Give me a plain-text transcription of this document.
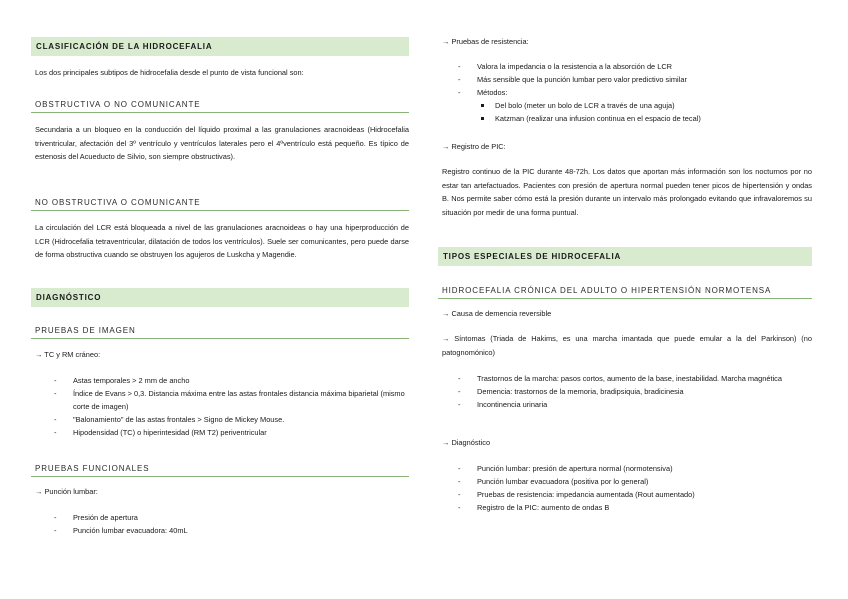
CLASIFICACIÓN DE LA HIDROCEFALIA

Los dos principales subtipos de hidrocefalia desde el punto de vista funcional son:

OBSTRUCTIVA O NO COMUNICANTE

Secundaria a un bloqueo en la conducción del líquido proximal a las granulaciones aracnoideas (Hidrocefalia triventricular, afectación del 3º ventrículo y ventrículos laterales pero el 4ºventrículo está pequeño. Es típico de estenosis del Acueducto de Silvio, son siempre obstructivas).

NO OBSTRUCTIVA O COMUNICANTE

La circulación del LCR está bloqueada a nivel de las granulaciones aracnoideas o hay una hiperproducción de LCR (Hidrocefalia tetraventricular, dilatación de todos los ventrículos). Suele ser comunicantes, pero puede darse de forma obstructiva cuando se obstruyen los agujeros de Luskcha y Magendie.

DIAGNÓSTICO
PRUEBAS DE IMAGEN
→ TC y RM cráneo:
- Astas temporales > 2 mm de ancho
- Índice de Evans > 0,3. Distancia máxima entre las astas frontales distancia máxima biparietal (mismo corte de imagen)
- "Balonamiento" de las astas frontales > Signo de Mickey Mouse.
- Hipodensidad (TC) o hiperintesidad (RM T2) periventricular
PRUEBAS FUNCIONALES
→ Punción lumbar:
- Presión de apertura
- Punción lumbar evacuadora: 40mL
→ Pruebas de resistencia:
- Valora la impedancia o la resistencia a la absorción de LCR
- Más sensible que la punción lumbar pero valor predictivo similar
- Métodos:
Del bolo (meter un bolo de LCR a través de una aguja)
Katzman (realizar una infusion continua en el espacio de tecal)
→ Registro de PIC:

Registro continuo de la PIC durante 48-72h. Los datos que aportan más información son los nocturnos por no estar tan artefactuados. Pacientes con presión de apertura normal pueden tener picos de hipertensión y ondas B. Nos permite saber cómo está la presión durante un intervalo más prolongado evitando que infravaloremos su situación por medir de una forma puntual.

TIPOS ESPECIALES DE HIDROCEFALIA
HIDROCEFALIA CRÓNICA DEL ADULTO O HIPERTENSIÓN NORMOTENSA
→ Causa de demencia reversible

→ Síntomas (Triada de Hakims, es una marcha imantada que puede emular a la del Parkinson) (no patognomónico)

- Trastornos de la marcha: pasos cortos, aumento de la base, inestabilidad. Marcha magnética
- Demencia: trastornos de la memoria, bradipsiquia, bradicinesia
- Incontinencia urinaria
→ Diagnóstico
- Punción lumbar: presión de apertura normal (normotensiva)
- Punción lumbar evacuadora (positiva por lo general)
- Pruebas de resistencia: impedancia aumentada (Rout aumentado)
- Registro de la PIC: aumento de ondas B
